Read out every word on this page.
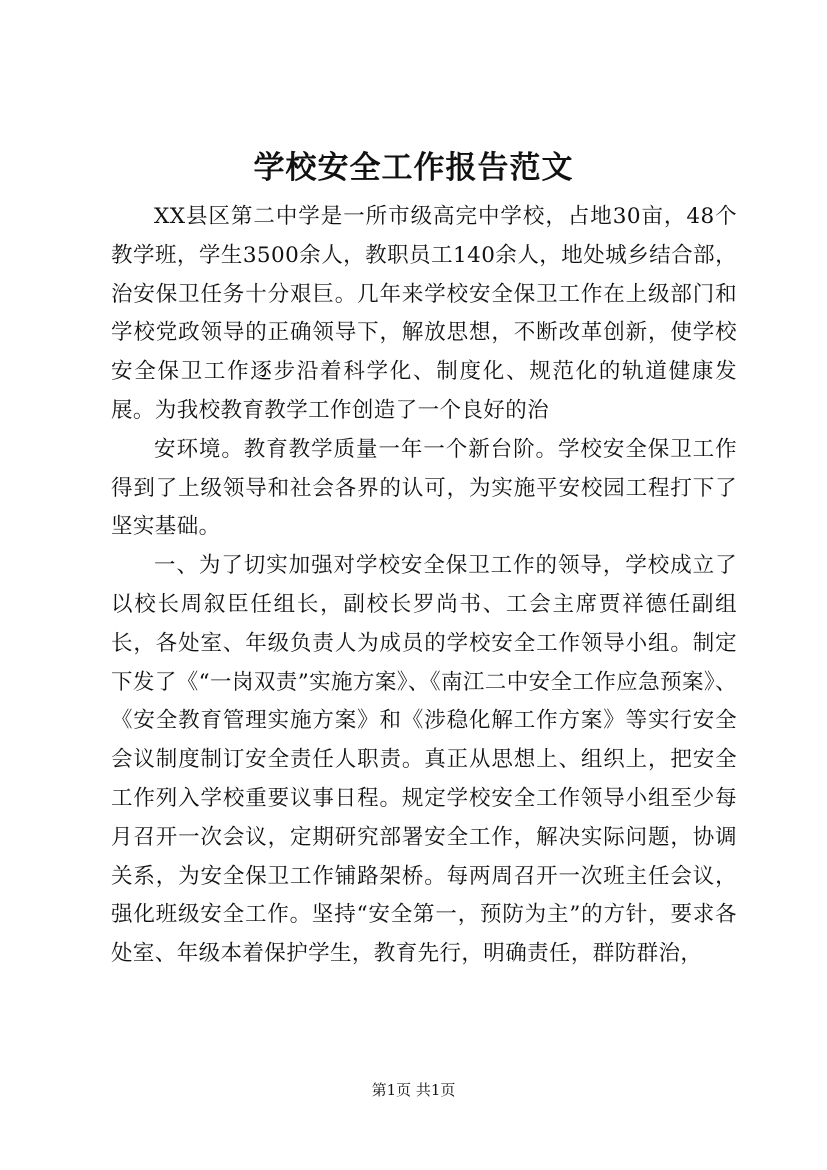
学校安全工作报告范文

XX县区第二中学是一所市级高完中学校，占地30亩，48个教学班，学生3500余人，教职员工140余人，地处城乡结合部，治安保卫任务十分艰巨。几年来学校安全保卫工作在上级部门和学校党政领导的正确领导下，解放思想，不断改革创新，使学校安全保卫工作逐步沿着科学化、制度化、规范化的轨道健康发展。为我校教育教学工作创造了一个良好的治

安环境。教育教学质量一年一个新台阶。学校安全保卫工作得到了上级领导和社会各界的认可，为实施平安校园工程打下了坚实基础。

一、为了切实加强对学校安全保卫工作的领导，学校成立了以校长周叙臣任组长，副校长罗尚书、工会主席贾祥德任副组长，各处室、年级负责人为成员的学校安全工作领导小组。制定下发了《“一岗双责”实施方案》、《南江二中安全工作应急预案》、《安全教育管理实施方案》和《涉稳化解工作方案》等实行安全会议制度制订安全责任人职责。真正从思想上、组织上，把安全工作列入学校重要议事日程。规定学校安全工作领导小组至少每月召开一次会议，定期研究部署安全工作，解决实际问题，协调关系，为安全保卫工作铺路架桥。每两周召开一次班主任会议，强化班级安全工作。坚持“安全第一，预防为主”的方针，要求各处室、年级本着保护学生，教育先行，明确责任，群防群治，

第1页 共1页
